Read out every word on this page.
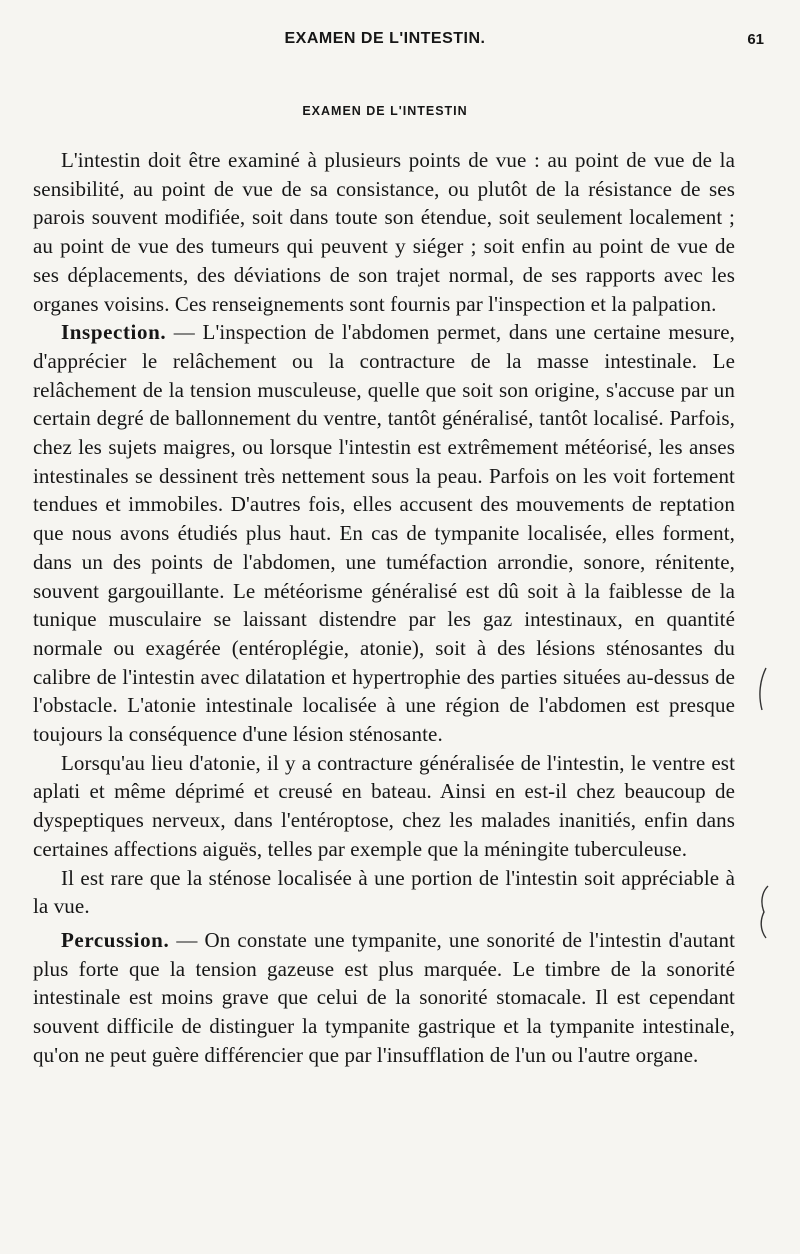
EXAMEN DE L'INTESTIN.	61
EXAMEN DE L'INTESTIN

L'intestin doit être examiné à plusieurs points de vue : au point de vue de la sensibilité, au point de vue de sa consistance, ou plutôt de la résistance de ses parois souvent modifiée, soit dans toute son étendue, soit seulement localement ; au point de vue des tumeurs qui peuvent y siéger ; soit enfin au point de vue de ses déplacements, des déviations de son trajet normal, de ses rapports avec les organes voisins. Ces renseignements sont fournis par l'inspection et la palpation.

Inspection. — L'inspection de l'abdomen permet, dans une certaine mesure, d'apprécier le relâchement ou la contracture de la masse intestinale. Le relâchement de la tension musculeuse, quelle que soit son origine, s'accuse par un certain degré de ballonnement du ventre, tantôt généralisé, tantôt localisé. Parfois, chez les sujets maigres, ou lorsque l'intestin est extrêmement météorisé, les anses intestinales se dessinent très nettement sous la peau. Parfois on les voit fortement tendues et immobiles. D'autres fois, elles accusent des mouvements de reptation que nous avons étudiés plus haut. En cas de tympanite localisée, elles forment, dans un des points de l'abdomen, une tuméfaction arrondie, sonore, rénitente, souvent gargouillante. Le météorisme généralisé est dû soit à la faiblesse de la tunique musculaire se laissant distendre par les gaz intestinaux, en quantité normale ou exagérée (entéroplégie, atonie), soit à des lésions sténosantes du calibre de l'intestin avec dilatation et hypertrophie des parties situées au-dessus de l'obstacle. L'atonie intestinale localisée à une région de l'abdomen est presque toujours la conséquence d'une lésion sténosante.

Lorsqu'au lieu d'atonie, il y a contracture généralisée de l'intestin, le ventre est aplati et même déprimé et creusé en bateau. Ainsi en est-il chez beaucoup de dyspeptiques nerveux, dans l'entéroptose, chez les malades inanitiés, enfin dans certaines affections aiguës, telles par exemple que la méningite tuberculeuse.

Il est rare que la sténose localisée à une portion de l'intestin soit appréciable à la vue.

Percussion. — On constate une tympanite, une sonorité de l'intestin d'autant plus forte que la tension gazeuse est plus marquée. Le timbre de la sonorité intestinale est moins grave que celui de la sonorité stomacale. Il est cependant souvent difficile de distinguer la tympanite gastrique et la tympanite intestinale, qu'on ne peut guère différencier que par l'insufflation de l'un ou l'autre organe.
